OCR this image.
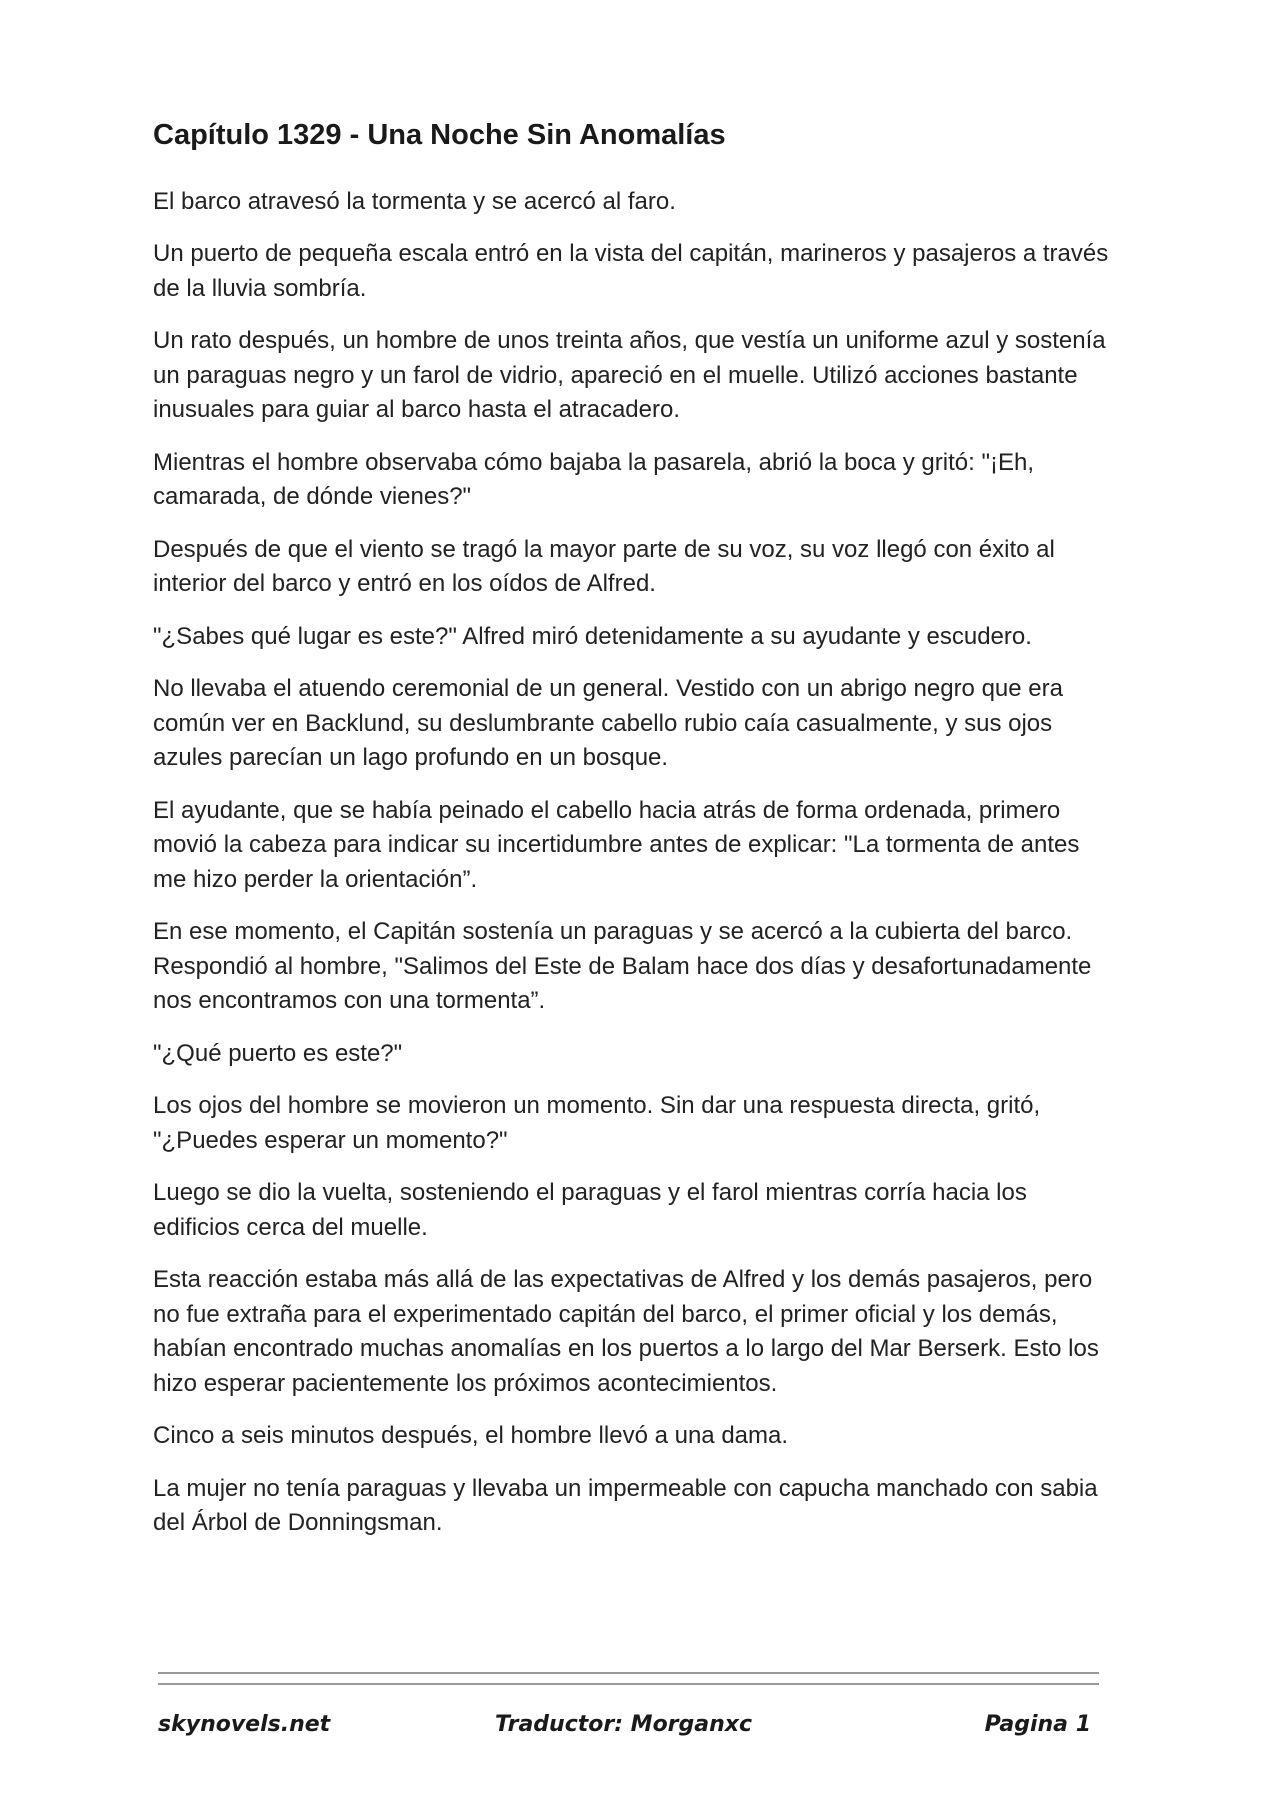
Capítulo 1329 - Una Noche Sin Anomalías

El barco atravesó la tormenta y se acercó al faro.

Un puerto de pequeña escala entró en la vista del capitán, marineros y pasajeros a través de la lluvia sombría.

Un rato después, un hombre de unos treinta años, que vestía un uniforme azul y sostenía un paraguas negro y un farol de vidrio, apareció en el muelle. Utilizó acciones bastante inusuales para guiar al barco hasta el atracadero.

Mientras el hombre observaba cómo bajaba la pasarela, abrió la boca y gritó: "¡Eh, camarada, de dónde vienes?"

Después de que el viento se tragó la mayor parte de su voz, su voz llegó con éxito al interior del barco y entró en los oídos de Alfred.

"¿Sabes qué lugar es este?" Alfred miró detenidamente a su ayudante y escudero.

No llevaba el atuendo ceremonial de un general. Vestido con un abrigo negro que era común ver en Backlund, su deslumbrante cabello rubio caía casualmente, y sus ojos azules parecían un lago profundo en un bosque.

El ayudante, que se había peinado el cabello hacia atrás de forma ordenada, primero movió la cabeza para indicar su incertidumbre antes de explicar: "La tormenta de antes me hizo perder la orientación”.

En ese momento, el Capitán sostenía un paraguas y se acercó a la cubierta del barco. Respondió al hombre, "Salimos del Este de Balam hace dos días y desafortunadamente nos encontramos con una tormenta”.

"¿Qué puerto es este?"

Los ojos del hombre se movieron un momento. Sin dar una respuesta directa, gritó, "¿Puedes esperar un momento?"

Luego se dio la vuelta, sosteniendo el paraguas y el farol mientras corría hacia los edificios cerca del muelle.

Esta reacción estaba más allá de las expectativas de Alfred y los demás pasajeros, pero no fue extraña para el experimentado capitán del barco, el primer oficial y los demás, habían encontrado muchas anomalías en los puertos a lo largo del Mar Berserk. Esto los hizo esperar pacientemente los próximos acontecimientos.

Cinco a seis minutos después, el hombre llevó a una dama.

La mujer no tenía paraguas y llevaba un impermeable con capucha manchado con sabia del Árbol de Donningsman.

skynovels.net	Traductor: Morganxc	Pagina 1
